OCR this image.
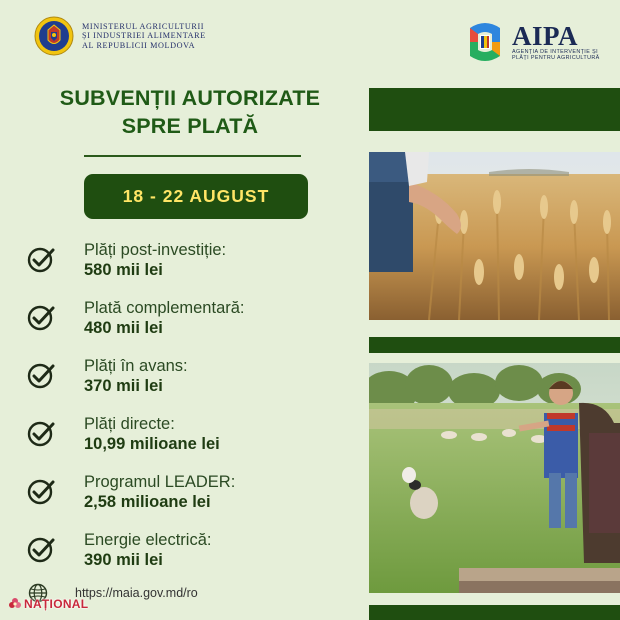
MINISTERUL AGRICULTURII
ȘI INDUSTRIEI ALIMENTARE
AL REPUBLICII MOLDOVA	AIPA
AGENȚIA DE INTERVENȚIE ȘI
PLĂȚI PENTRU AGRICULTURĂ
SUBVENȚII AUTORIZATE
SPRE PLATĂ
18 - 22 AUGUST
Plăți post-investiție:
580 mii lei
Plată complementară:
480 mii lei
Plăți în avans:
370 mii lei
Plăți directe:
10,99 milioane lei
Programul LEADER:
2,58 milioane lei
Energie electrică:
390 mii lei
https://maia.gov.md/ro
NAȚIONAL
